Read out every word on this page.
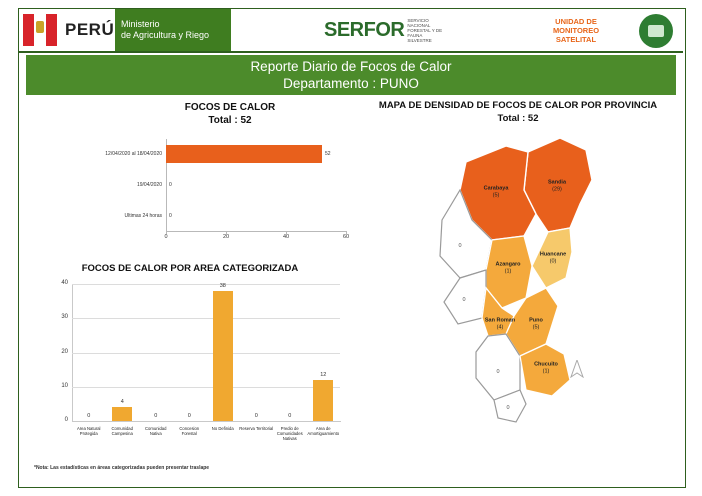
PERÚ Ministerio
de Agricultura y Riego	SERFOR SERVICIO NACIONAL FORESTAL Y DE FAUNA SILVESTRE
UNIDAD DE
MONITOREO
SATELITAL
Reporte Diario de Focos de Calor
Departamento : PUNO
FOCOS DE CALOR
Total : 52
12/04/2020 al 18/04/2020	52
19/04/2020 0
Ultimas 24 horas 0
0	20	40	60
FOCOS DE CALOR POR AREA CATEGORIZADA
0
10
20
30
40
0
Area Natural Protegida
4
Comunidad Campesina
0
Comunidad Nativa
0
Concesion Forestal
38
No Definida
0
Reserva Territorial
0
Predio de Comunidades Nativas
12
Area de Amortiguamiento
*Nota: Las estadísticas en áreas categorizadas pueden presentar traslape
MAPA DE DENSIDAD DE FOCOS DE CALOR POR PROVINCIA
Total : 52
Sandia
(29)
Carabaya
(5)
Huancane
(0)
Azangaro
(1)
San Roman
(4)
Puno
(5)
Chucuito
(1)
0
0
0
0
